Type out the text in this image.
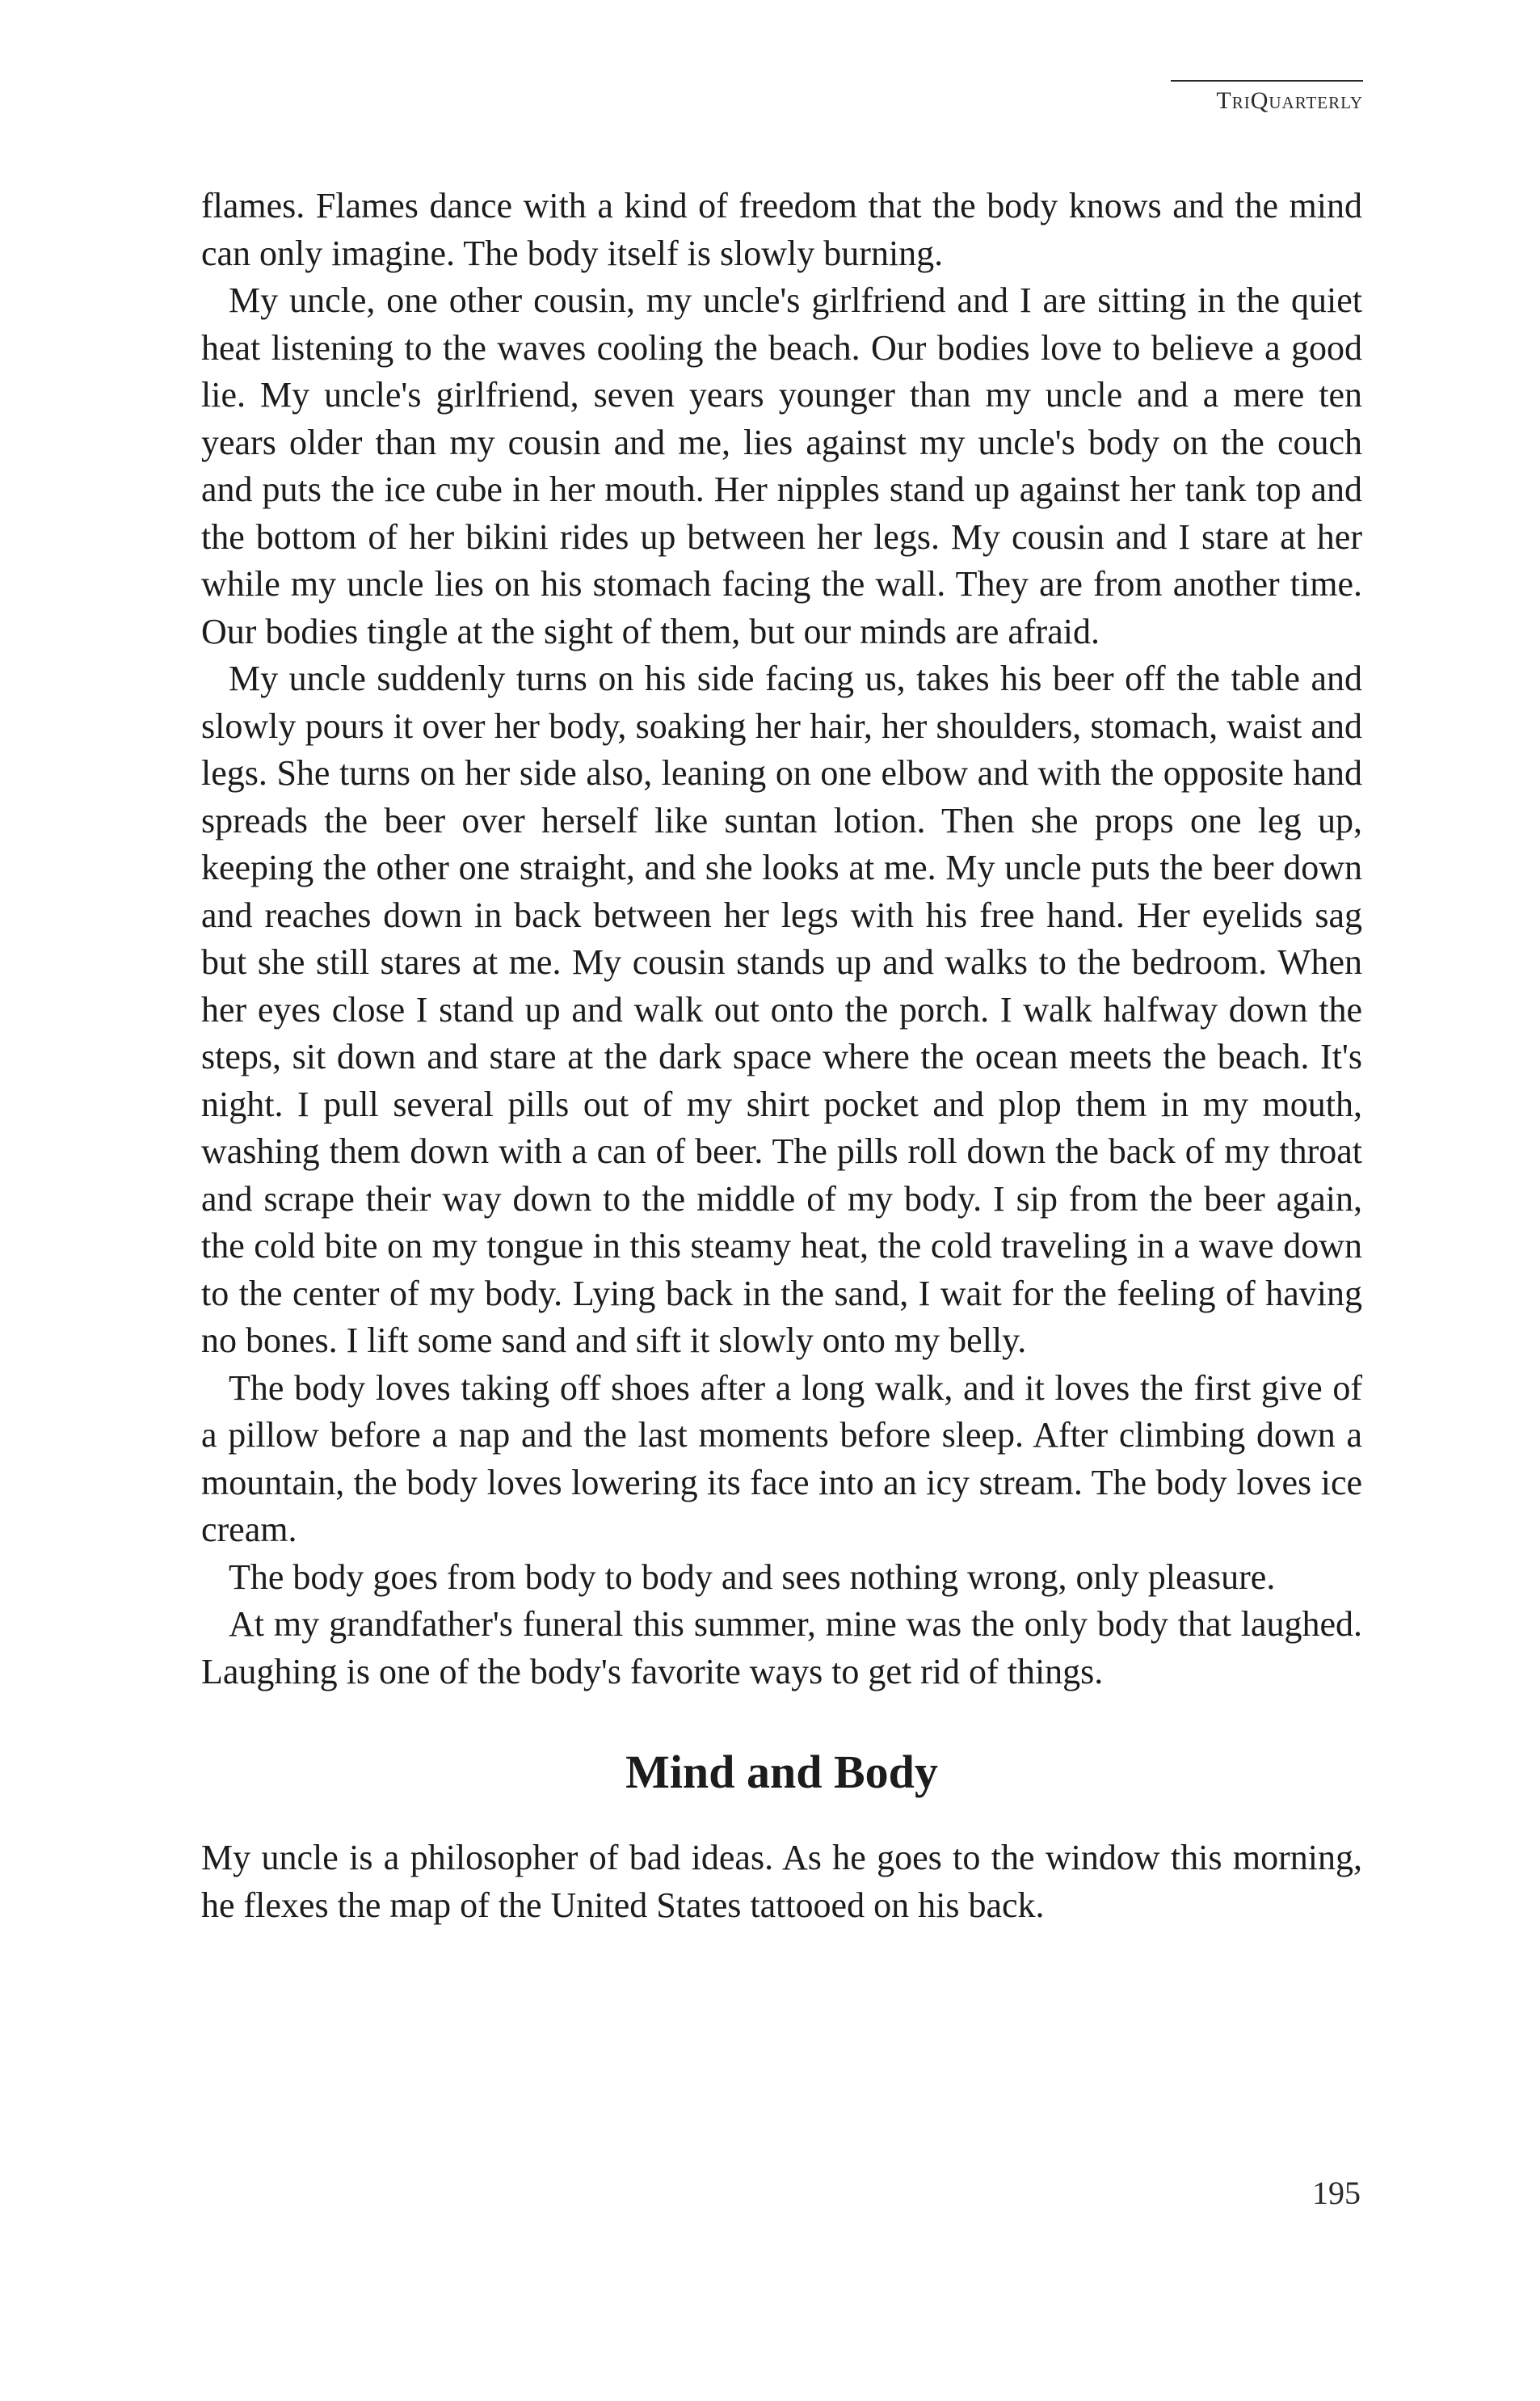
TriQuarterly

flames. Flames dance with a kind of freedom that the body knows and the mind can only imagine. The body itself is slowly burning.

My uncle, one other cousin, my uncle's girlfriend and I are sitting in the quiet heat listening to the waves cooling the beach. Our bodies love to believe a good lie. My uncle's girlfriend, seven years younger than my uncle and a mere ten years older than my cousin and me, lies against my uncle's body on the couch and puts the ice cube in her mouth. Her nipples stand up against her tank top and the bottom of her bikini rides up between her legs. My cousin and I stare at her while my uncle lies on his stomach facing the wall. They are from another time. Our bodies tingle at the sight of them, but our minds are afraid.

My uncle suddenly turns on his side facing us, takes his beer off the table and slowly pours it over her body, soaking her hair, her shoulders, stomach, waist and legs. She turns on her side also, leaning on one elbow and with the opposite hand spreads the beer over herself like suntan lotion. Then she props one leg up, keeping the other one straight, and she looks at me. My uncle puts the beer down and reaches down in back between her legs with his free hand. Her eyelids sag but she still stares at me. My cousin stands up and walks to the bedroom. When her eyes close I stand up and walk out onto the porch. I walk halfway down the steps, sit down and stare at the dark space where the ocean meets the beach. It's night. I pull several pills out of my shirt pocket and plop them in my mouth, washing them down with a can of beer. The pills roll down the back of my throat and scrape their way down to the middle of my body. I sip from the beer again, the cold bite on my tongue in this steamy heat, the cold traveling in a wave down to the center of my body. Lying back in the sand, I wait for the feeling of having no bones. I lift some sand and sift it slowly onto my belly.

The body loves taking off shoes after a long walk, and it loves the first give of a pillow before a nap and the last moments before sleep. After climbing down a mountain, the body loves lowering its face into an icy stream. The body loves ice cream.

The body goes from body to body and sees nothing wrong, only pleasure.

At my grandfather's funeral this summer, mine was the only body that laughed. Laughing is one of the body's favorite ways to get rid of things.

Mind and Body

My uncle is a philosopher of bad ideas. As he goes to the window this morning, he flexes the map of the United States tattooed on his back.

195
